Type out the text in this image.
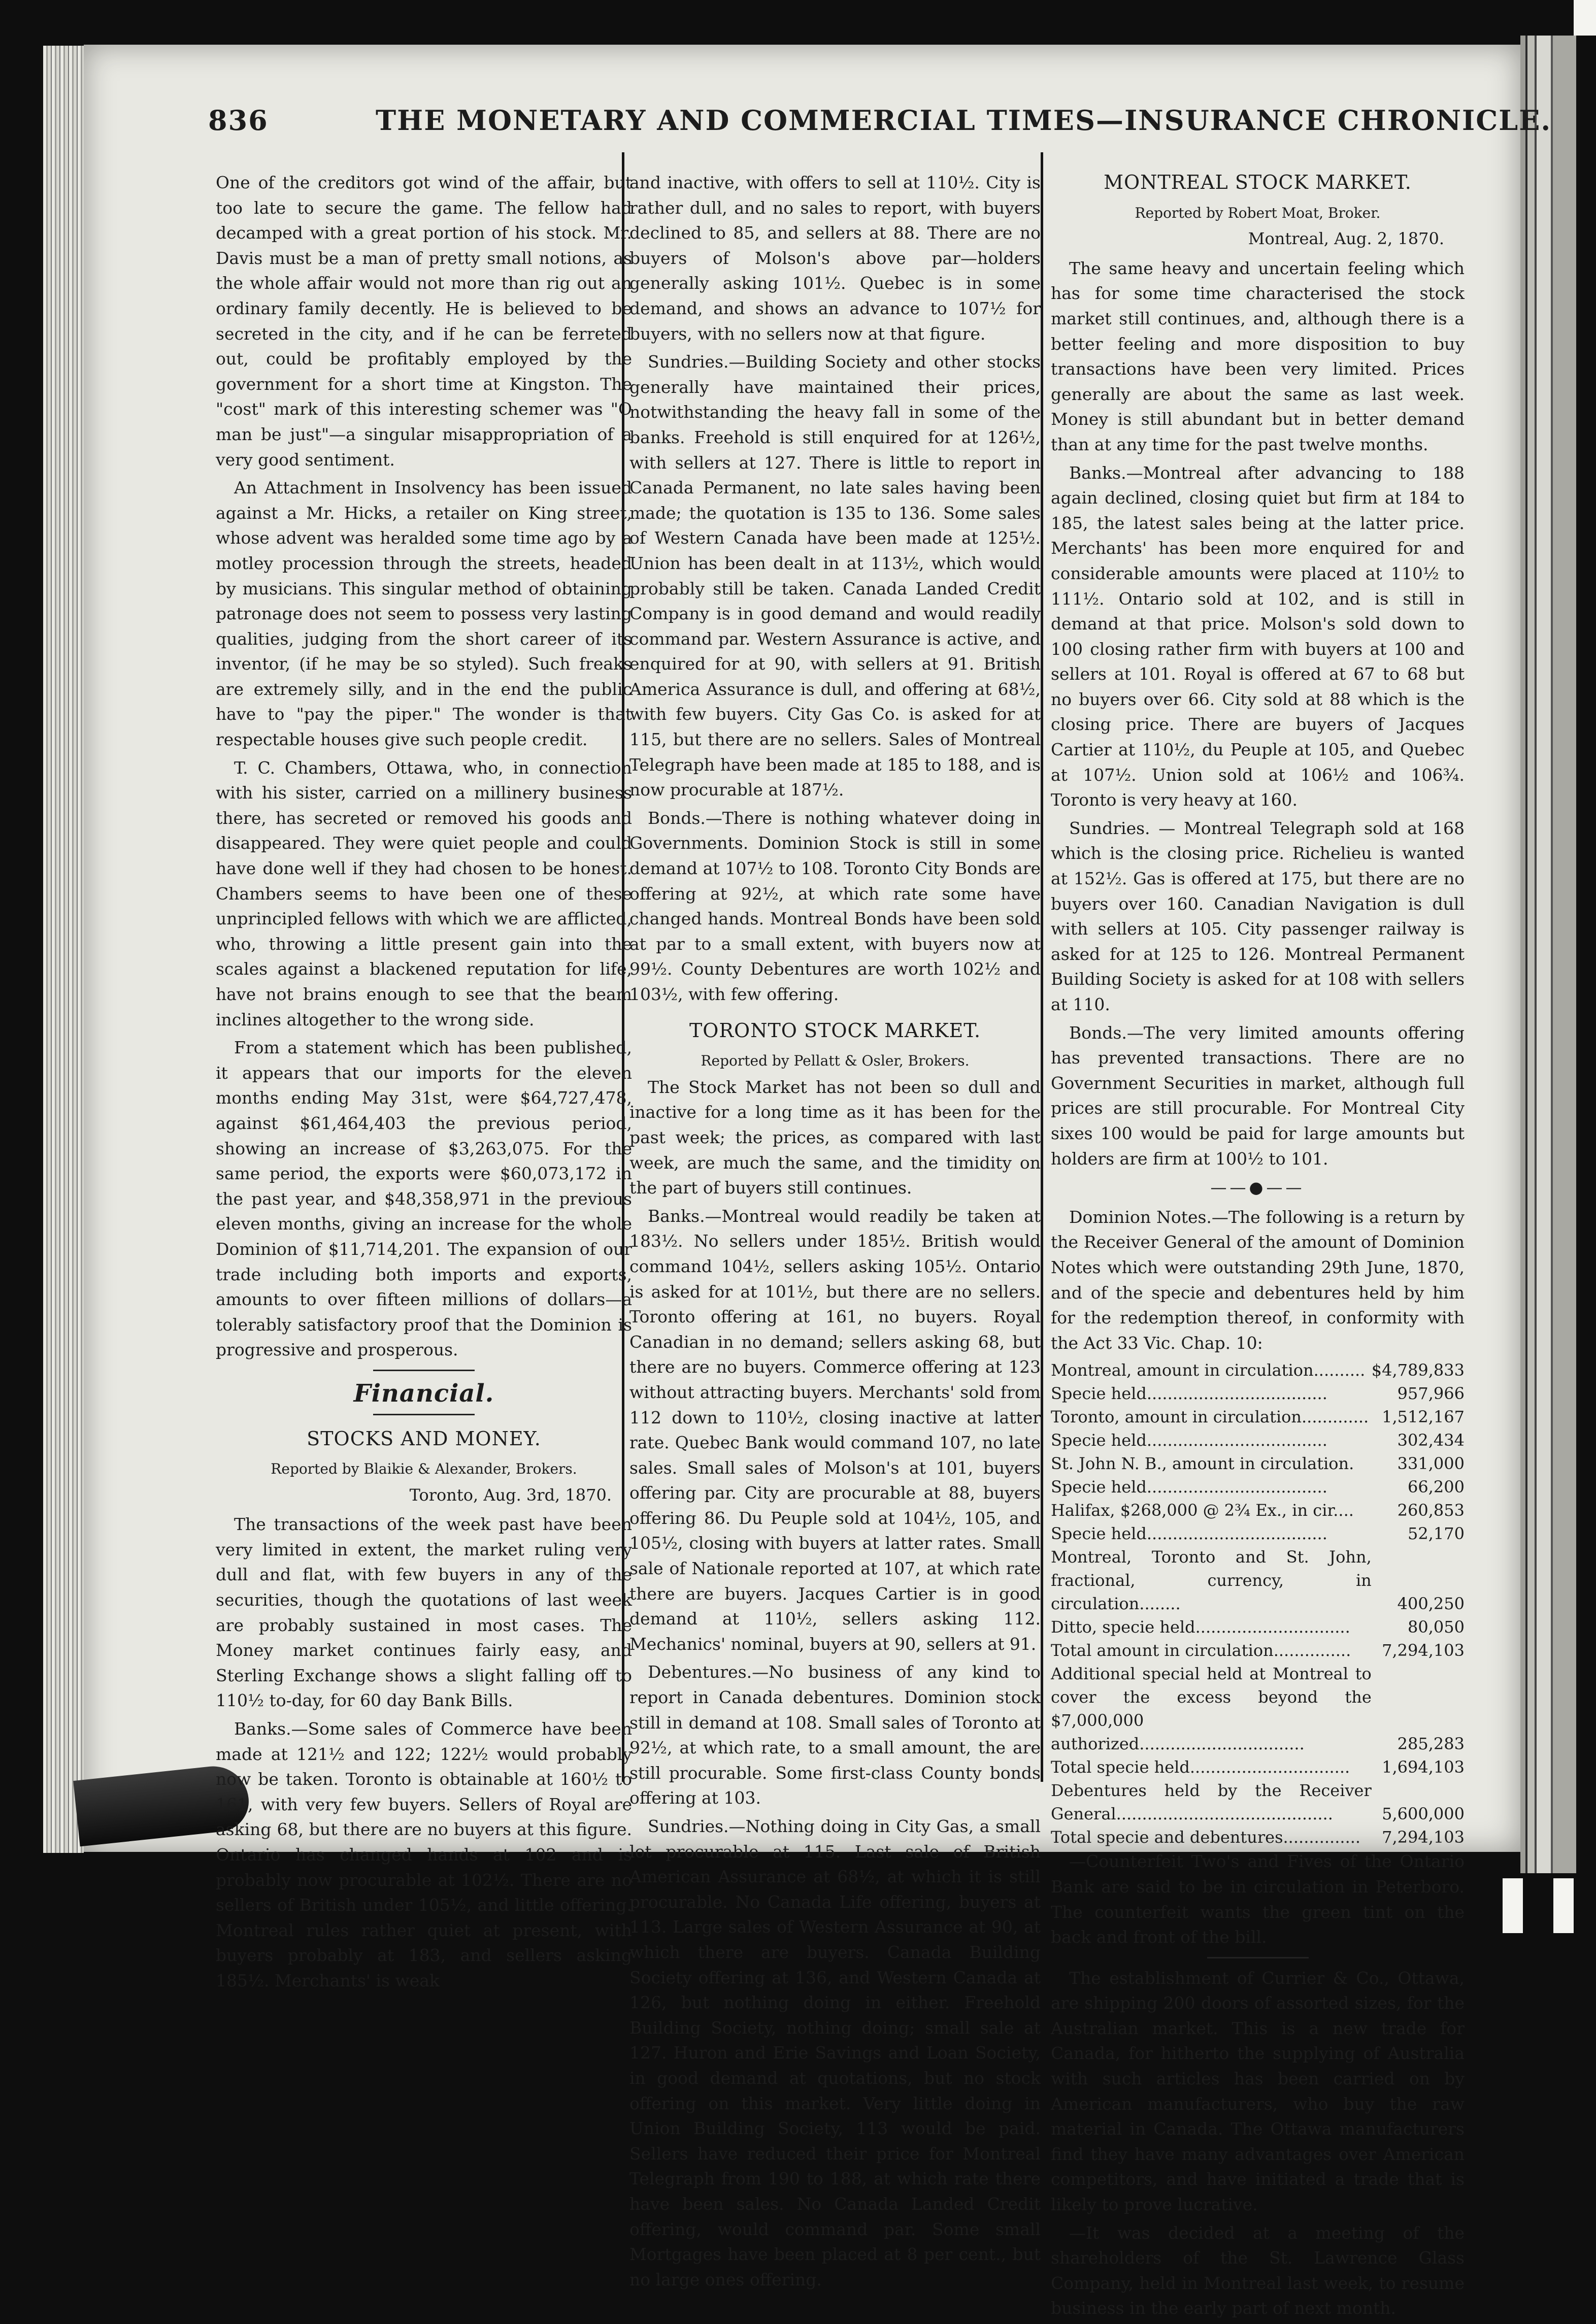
836	THE MONETARY AND COMMERCIAL TIMES—INSURANCE CHRONICLE.

One of the creditors got wind of the affair, but too late to secure the game. The fellow had decamped with a great portion of his stock. Mr. Davis must be a man of pretty small notions, as the whole affair would not more than rig out an ordinary family decently. He is believed to be secreted in the city, and if he can be ferreted out, could be profitably employed by the government for a short time at Kingston. The "cost" mark of this interesting schemer was "O man be just"—a singular misappropriation of a very good sentiment.

An Attachment in Insolvency has been issued against a Mr. Hicks, a retailer on King street, whose advent was heralded some time ago by a motley procession through the streets, headed by musicians. This singular method of obtaining patronage does not seem to possess very lasting qualities, judging from the short career of its inventor, (if he may be so styled). Such freaks are extremely silly, and in the end the public have to "pay the piper." The wonder is that respectable houses give such people credit.

T. C. Chambers, Ottawa, who, in connection with his sister, carried on a millinery business there, has secreted or removed his goods and disappeared. They were quiet people and could have done well if they had chosen to be honest. Chambers seems to have been one of these unprincipled fellows with which we are afflicted, who, throwing a little present gain into the scales against a blackened reputation for life, have not brains enough to see that the beam inclines altogether to the wrong side.

From a statement which has been published, it appears that our imports for the eleven months ending May 31st, were $64,727,478, against $61,464,403 the previous period, showing an increase of $3,263,075. For the same period, the exports were $60,073,172 in the past year, and $48,358,971 in the previous eleven months, giving an increase for the whole Dominion of $11,714,201. The expansion of our trade including both imports and exports, amounts to over fifteen millions of dollars—a tolerably satisfactory proof that the Dominion is progressive and prosperous.

Financial.
STOCKS AND MONEY.
Reported by Blaikie & Alexander, Brokers.
Toronto, Aug. 3rd, 1870.

The transactions of the week past have been very limited in extent, the market ruling very dull and flat, with few buyers in any of the securities, though the quotations of last week are probably sustained in most cases. The Money market continues fairly easy, and Sterling Exchange shows a slight falling off to 110½ to-day, for 60 day Bank Bills.

Banks.—Some sales of Commerce have been made at 121½ and 122; 122½ would probably now be taken. Toronto is obtainable at 160½ to 161, with very few buyers. Sellers of Royal are asking 68, but there are no buyers at this figure. Ontario has changed hands at 102 and is probably now procurable at 102½. There are no sellers of British under 105½, and little offering. Montreal rules rather quiet at present, with buyers probably at 183, and sellers asking 185½. Merchants' is weak

and inactive, with offers to sell at 110½. City is rather dull, and no sales to report, with buyers declined to 85, and sellers at 88. There are no buyers of Molson's above par—holders generally asking 101½. Quebec is in some demand, and shows an advance to 107½ for buyers, with no sellers now at that figure.

Sundries.—Building Society and other stocks generally have maintained their prices, notwithstanding the heavy fall in some of the banks. Freehold is still enquired for at 126½, with sellers at 127. There is little to report in Canada Permanent, no late sales having been made; the quotation is 135 to 136. Some sales of Western Canada have been made at 125½. Union has been dealt in at 113½, which would probably still be taken. Canada Landed Credit Company is in good demand and would readily command par. Western Assurance is active, and enquired for at 90, with sellers at 91. British America Assurance is dull, and offering at 68½, with few buyers. City Gas Co. is asked for at 115, but there are no sellers. Sales of Montreal Telegraph have been made at 185 to 188, and is now procurable at 187½.

Bonds.—There is nothing whatever doing in Governments. Dominion Stock is still in some demand at 107½ to 108. Toronto City Bonds are offering at 92½, at which rate some have changed hands. Montreal Bonds have been sold at par to a small extent, with buyers now at 99½. County Debentures are worth 102½ and 103½, with few offering.

TORONTO STOCK MARKET.
Reported by Pellatt & Osler, Brokers.

The Stock Market has not been so dull and inactive for a long time as it has been for the past week; the prices, as compared with last week, are much the same, and the timidity on the part of buyers still continues.

Banks.—Montreal would readily be taken at 183½. No sellers under 185½. British would command 104½, sellers asking 105½. Ontario is asked for at 101½, but there are no sellers. Toronto offering at 161, no buyers. Royal Canadian in no demand; sellers asking 68, but there are no buyers. Commerce offering at 123 without attracting buyers. Merchants' sold from 112 down to 110½, closing inactive at latter rate. Quebec Bank would command 107, no late sales. Small sales of Molson's at 101, buyers offering par. City are procurable at 88, buyers offering 86. Du Peuple sold at 104½, 105, and 105½, closing with buyers at latter rates. Small sale of Nationale reported at 107, at which rate there are buyers. Jacques Cartier is in good demand at 110½, sellers asking 112. Mechanics' nominal, buyers at 90, sellers at 91.

Debentures.—No business of any kind to report in Canada debentures. Dominion stock still in demand at 108. Small sales of Toronto at 92½, at which rate, to a small amount, the are still procurable. Some first-class County bonds offering at 103.

Sundries.—Nothing doing in City Gas, a small lot procurable at 115. Last sale of British American Assurance at 68½, at which it is still procurable. No Canada Life offering, buyers at 113. Large sales of Western Assurance at 90, at which there are buyers. Canada Building Society offering at 136, and Western Canada at 126, but nothing doing in either. Freehold Building Society, nothing doing; small sale at 127. Huron and Erie Savings and Loan Society, in good demand at quotations, but no stock offering on this market. Very little doing in Union Building Society, 113 would be paid. Sellers have reduced their price for Montreal Telegraph from 190 to 188, at which rate there have been sales. No Canada Landed Credit offering, would command par. Some small Mortgages have been placed at 8 per cent., but no large ones offering.

MONTREAL STOCK MARKET.
Reported by Robert Moat, Broker.
Montreal, Aug. 2, 1870.

The same heavy and uncertain feeling which has for some time characterised the stock market still continues, and, although there is a better feeling and more disposition to buy transactions have been very limited. Prices generally are about the same as last week. Money is still abundant but in better demand than at any time for the past twelve months.

Banks.—Montreal after advancing to 188 again declined, closing quiet but firm at 184 to 185, the latest sales being at the latter price. Merchants' has been more enquired for and considerable amounts were placed at 110½ to 111½. Ontario sold at 102, and is still in demand at that price. Molson's sold down to 100 closing rather firm with buyers at 100 and sellers at 101. Royal is offered at 67 to 68 but no buyers over 66. City sold at 88 which is the closing price. There are buyers of Jacques Cartier at 110½, du Peuple at 105, and Quebec at 107½. Union sold at 106½ and 106¾. Toronto is very heavy at 160.

Sundries. — Montreal Telegraph sold at 168 which is the closing price. Richelieu is wanted at 152½. Gas is offered at 175, but there are no buyers over 160. Canadian Navigation is dull with sellers at 105. City passenger railway is asked for at 125 to 126. Montreal Permanent Building Society is asked for at 108 with sellers at 110.

Bonds.—The very limited amounts offering has prevented transactions. There are no Government Securities in market, although full prices are still procurable. For Montreal City sixes 100 would be paid for large amounts but holders are firm at 100½ to 101.

——●——

Dominion Notes.—The following is a return by the Receiver General of the amount of Dominion Notes which were outstanding 29th June, 1870, and of the specie and debentures held by him for the redemption thereof, in conformity with the Act 33 Vic. Chap. 10:

Montreal, amount in circulation..........	$4,789,833
Specie held...................................	957,966
Toronto, amount in circulation.............	1,512,167
Specie held...................................	302,434
St. John N. B., amount in circulation.	331,000
Specie held...................................	66,200
Halifax, $268,000 @ 2¾ Ex., in cir....	260,853
Specie held...................................	52,170
Montreal, Toronto and St. John, fractional, currency, in circulation........	400,250
Ditto, specie held..............................	80,050
Total amount in circulation...............	7,294,103
Additional special held at Montreal to cover the excess beyond the $7,000,000 authorized................................	285,283
Total specie held...............................	1,694,103
Debentures held by the Receiver General..........................................	5,600,000
Total specie and debentures...............	7,294,103

—Counterfeit Two's and Fives of the Ontario Bank are said to be in circulation in Peterboro. The counterfeit wants the green tint on the back and front of the bill.

The establishment of Currier & Co., Ottawa, are shipping 200 doors of assorted sizes, for the Australian market. This is a new trade for Canada, for hitherto the supplying of Australia with such articles has been carried on by American manufacturers, who buy the raw material in Canada. The Ottawa manufacturers find they have many advantages over American competitors, and have initiated a trade that is likely to prove lucrative.

—It was decided at a meeting of the shareholders of the St. Lawrence Glass Company, held in Montreal last week, to resume business in the early part of next month.
